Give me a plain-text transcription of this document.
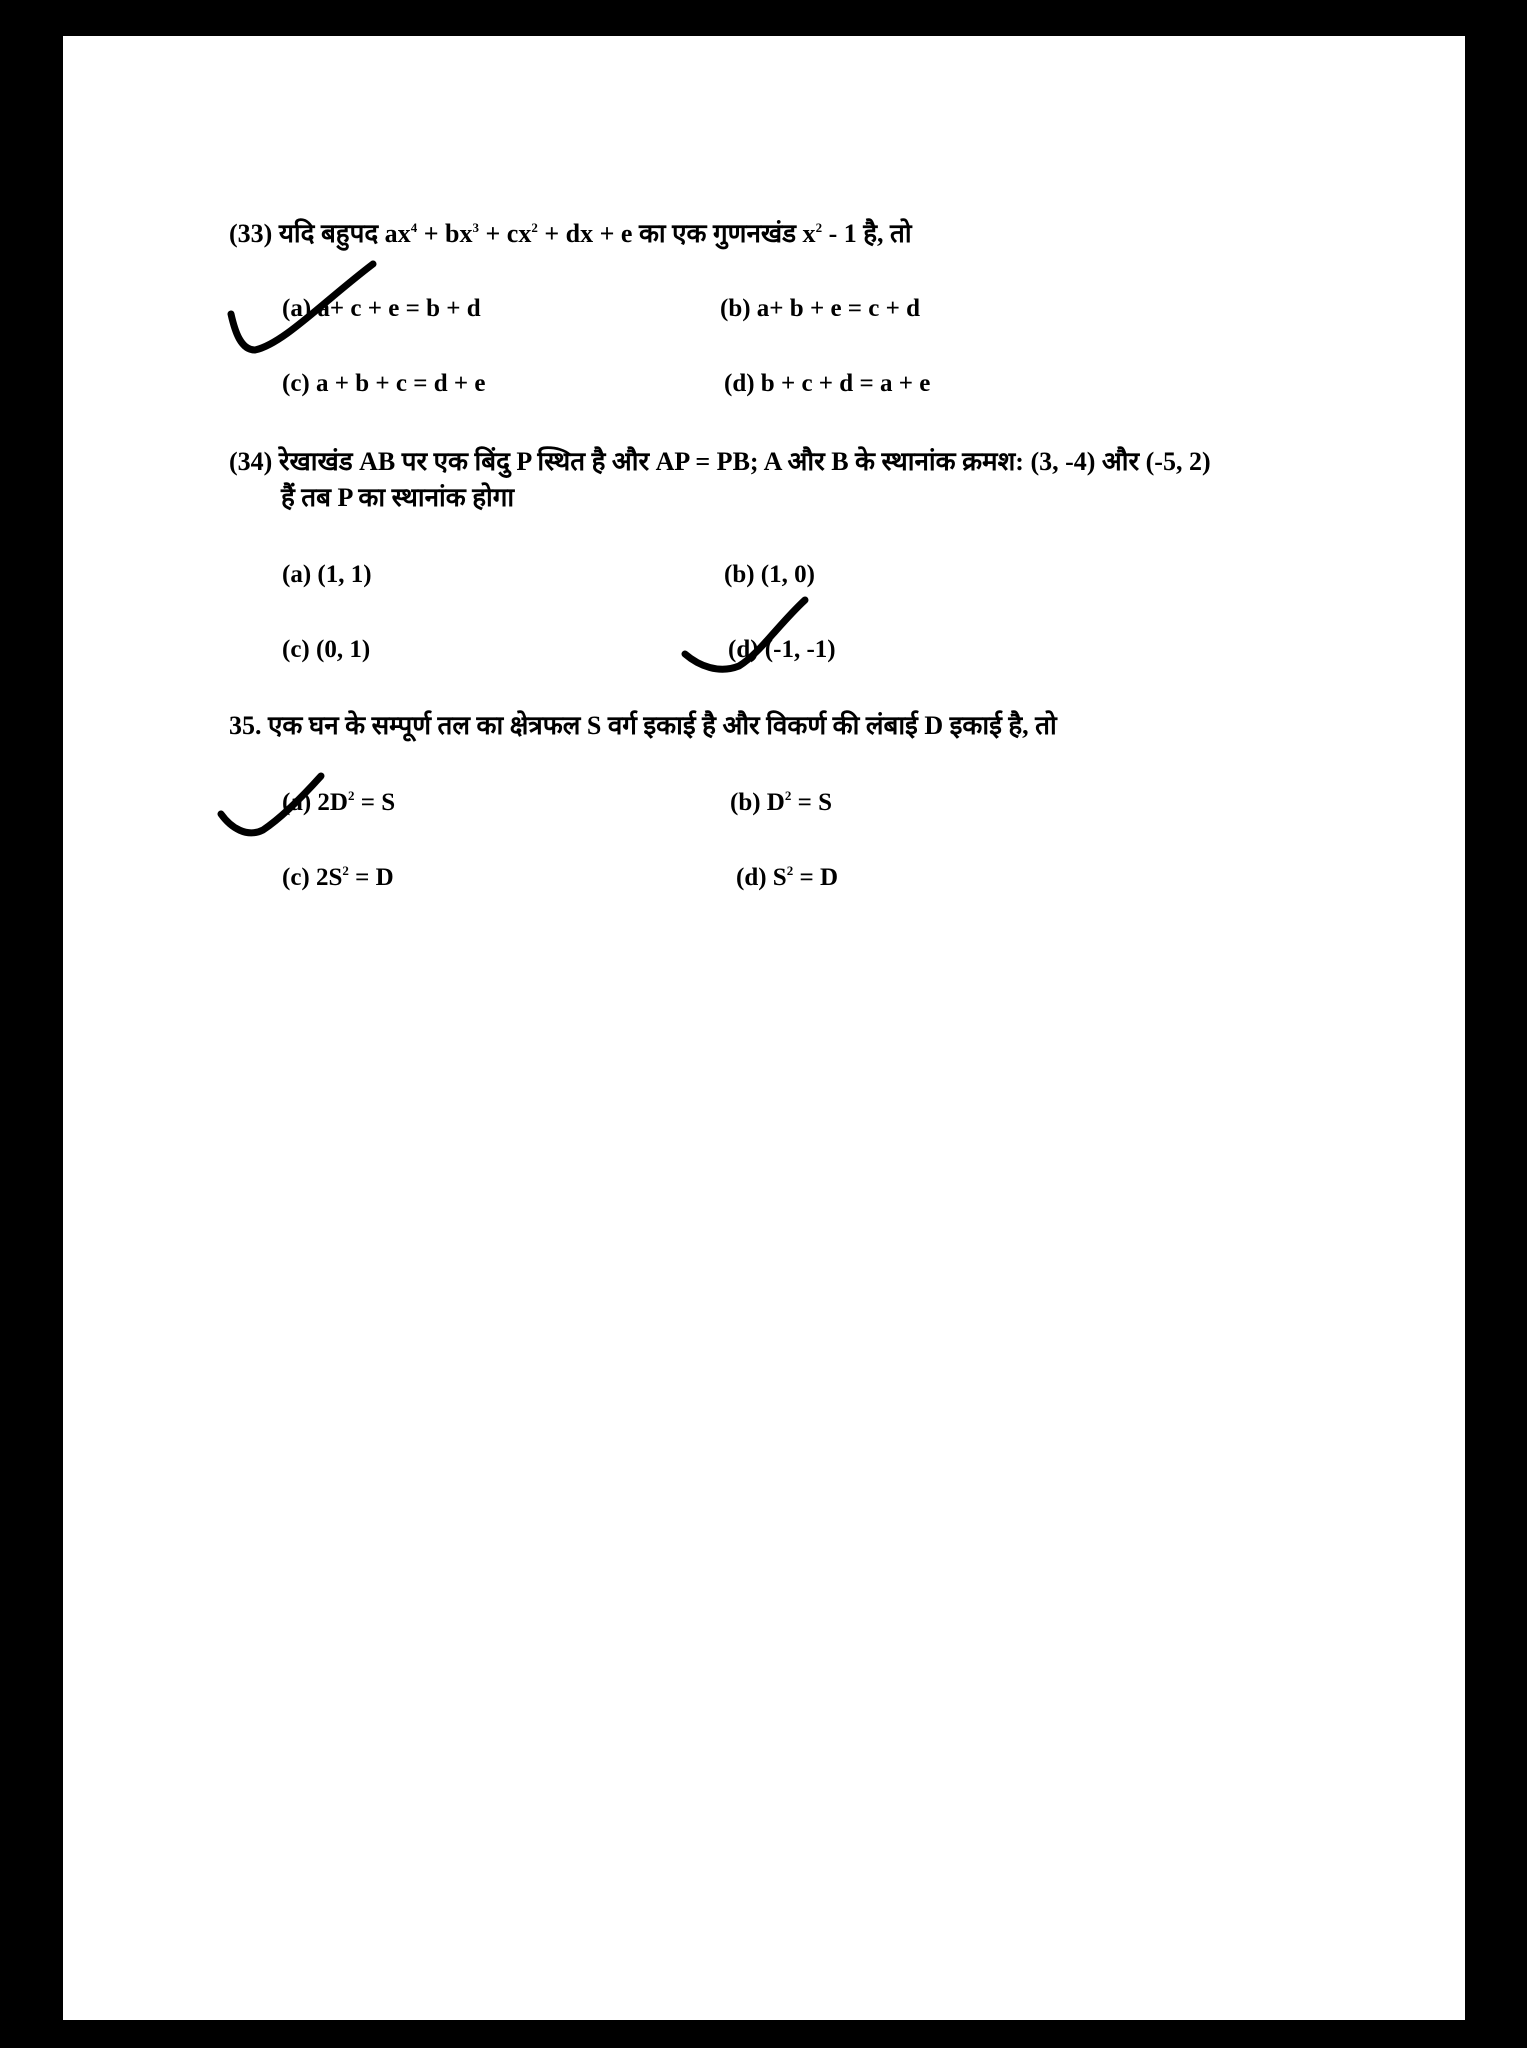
(33) यदि बहुपद $ax^4 + bx^3 + cx^2$ + dx + e का एक गुणनखंड $x^2 - 1$ है, तो
(a) a+ c + e = b + d	(b) a+ b + e = c + d
(c) a + b + c = d + e	(d) b + c + d = a + e
(34) रेखाखंड AB पर एक बिंदु P स्थित है और AP = PB; A और B के स्थानांक क्रमश: (3, -4) और (-5, 2)
हैं तब P का स्थानांक होगा
(a) (1, 1)	(b) (1, 0)
(c) (0, 1)	(d) (-1, -1)
35. एक घन के सम्पूर्ण तल का क्षेत्रफल S वर्ग इकाई है और विकर्ण की लंबाई D इकाई है, तो
(a) $2D^2 = S$	(b) $D^2 = S$
(c) $2S^2 = D$	(d) $S^2 = D$
